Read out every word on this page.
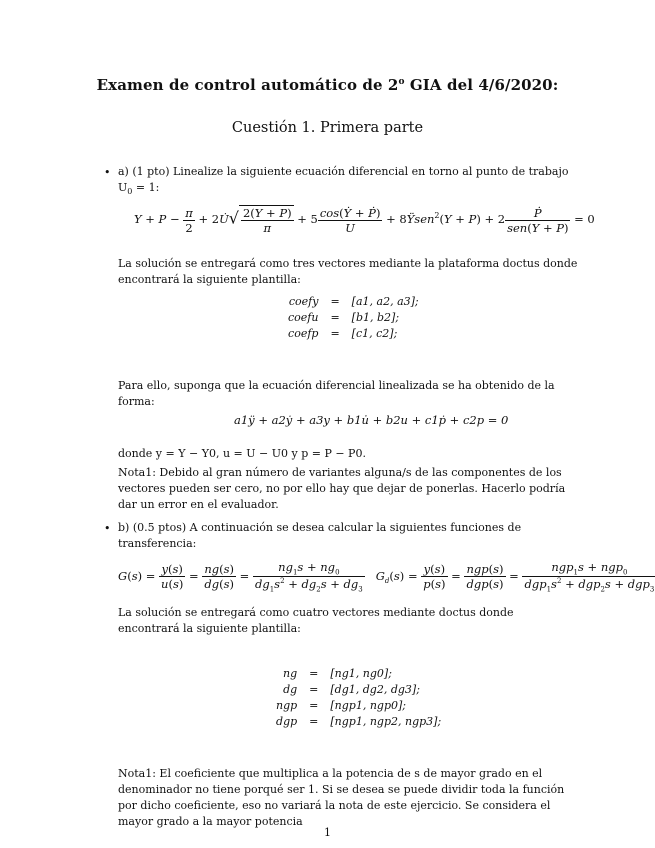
Examen de control automático de 2$^o$ GIA del 4/6/2020:
Cuestión 1. Primera parte
• a) (1 pto) Linealize la siguiente ecuación diferencial en torno al punto de trabajo $U_0 = 1$:
$Y + P - \frac{\pi}{2}$ + 2U̇√ $\frac{2(Y + P)}{\pi} + 5 \frac{\text{cos(Ẏ + Ṗ)}}{U}$ + 8Ÿsen$^2$(Y + $P) + 2 \frac{\text{Ṗ}}{\text{sen(Y + P)}} = 0$
La solución se entregará como tres vectores mediante la plataforma doctus donde encontrará la siguiente plantilla:
coefy	=	[a1, a2, a3];
coefu	=	[b1, b2];
coefp	=	[c1, c2];
Para ello, suponga que la ecuación diferencial linealizada se ha obtenido de la forma:
a1ÿ + a2ẏ + a3y + b1u̇ + b2u + c1ṗ + c2p = 0
donde y = Y − Y0, u = U − U0 y p = P − P0.
Nota1: Debido al gran número de variantes alguna/s de las componentes de los vectores pueden ser cero, no por ello hay que dejar de ponerlas. Hacerlo podría dar un error en el evaluador.
• b) (0.5 ptos) A continuación se desea calcular la siguientes funciones de transferencia:
$G(s) = \frac{y(s)}{u(s)} = \frac{ng(s)}{dg(s)} = \frac{ng_1s + ng_0}{dg_1s^2 + dg_2s + dg_3} G_d(s) = \frac{y(s)}{p(s)} = \frac{\text{ngp(s)}}{\text{dgp(s)}} = \frac{ngp_1s + ngp_0}{dgp_1s^2 + dgp_2s + dgp_3}$
La solución se entregará como cuatro vectores mediante doctus donde encontrará la siguiente plantilla:
ng	=	[ng1, ng0];
dg	=	[dg1, dg2, dg3];
ngp	=	[ngp1, ngp0];
dgp	=	[ngp1, ngp2, ngp3];
Nota1: El coeficiente que multiplica a la potencia de s de mayor grado en el denominador no tiene porqué ser 1. Si se desea se puede dividir toda la función por dicho coeficiente, eso no variará la nota de este ejercicio. Se considera el mayor grado a la mayor potencia
1
